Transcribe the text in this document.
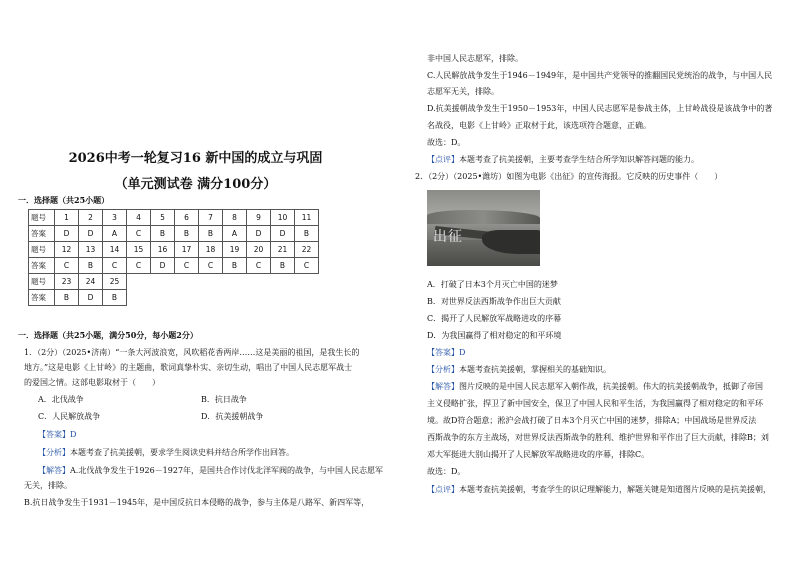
2026中考一轮复习16 新中国的成立与巩固
（单元测试卷 满分100分）
一．选择题（共25小题）
题号	1	2	3	4	5	6	7	8	9	10	11
答案	D	D	A	C	B	B	B	A	D	D	B
题号	12	13	14	15	16	17	18	19	20	21	22
答案	C	B	C	C	D	C	C	B	C	B	C
题号	23	24	25								
答案	B	D	B								
一．选择题（共25小题，满分50分，每小题2分）
1．（2分）（2025•济南）“一条大河波浪宽，风吹稻花香两岸……这是美丽的祖国，是我生长的
地方。”这是电影《上甘岭》的主题曲，歌词真挚朴实、亲切生动，唱出了中国人民志愿军战士
的爱国之情。这部电影取材于（　　）
A．北伐战争	B．抗日战争
C．人民解放战争	D．抗美援朝战争
【答案】D
【分析】本题考查了抗美援朝，要求学生阅读史料并结合所学作出回答。
【解答】A.北伐战争发生于1926－1927年，是国共合作讨伐北洋军阀的战争，与中国人民志愿军
无关，排除。
B.抗日战争发生于1931－1945年，是中国反抗日本侵略的战争，参与主体是八路军、新四军等，
非中国人民志愿军，排除。
C.人民解放战争发生于1946－1949年，是中国共产党领导的推翻国民党统治的战争，与中国人民
志愿军无关，排除。
D.抗美援朝战争发生于1950－1953年，中国人民志愿军是参战主体，上甘岭战役是该战争中的著
名战役，电影《上甘岭》正取材于此，该选项符合题意，正确。
故选：D。
【点评】本题考查了抗美援朝，主要考查学生结合所学知识解答问题的能力。
2．（2分）（2025•潍坊）如图为电影《出征》的宣传海报。它反映的历史事件（　　）
出征
A．打破了日本3个月灭亡中国的迷梦
B．对世界反法西斯战争作出巨大贡献
C．揭开了人民解放军战略进攻的序幕
D．为我国赢得了相对稳定的和平环境
【答案】D
【分析】本题考查抗美援朝，掌握相关的基础知识。
【解答】图片反映的是中国人民志愿军入朝作战，抗美援朝。伟大的抗美援朝战争，抵御了帝国
主义侵略扩张，捍卫了新中国安全，保卫了中国人民和平生活，为我国赢得了相对稳定的和平环
境。故D符合题意；淞沪会战打破了日本3个月灭亡中国的迷梦，排除A；中国战场是世界反法
西斯战争的东方主战场，对世界反法西斯战争的胜利、维护世界和平作出了巨大贡献，排除B；刘
邓大军挺进大别山揭开了人民解放军战略进攻的序幕，排除C。
故选：D。
【点评】本题考查抗美援朝，考查学生的识记理解能力，解题关键是知道图片反映的是抗美援朝，
